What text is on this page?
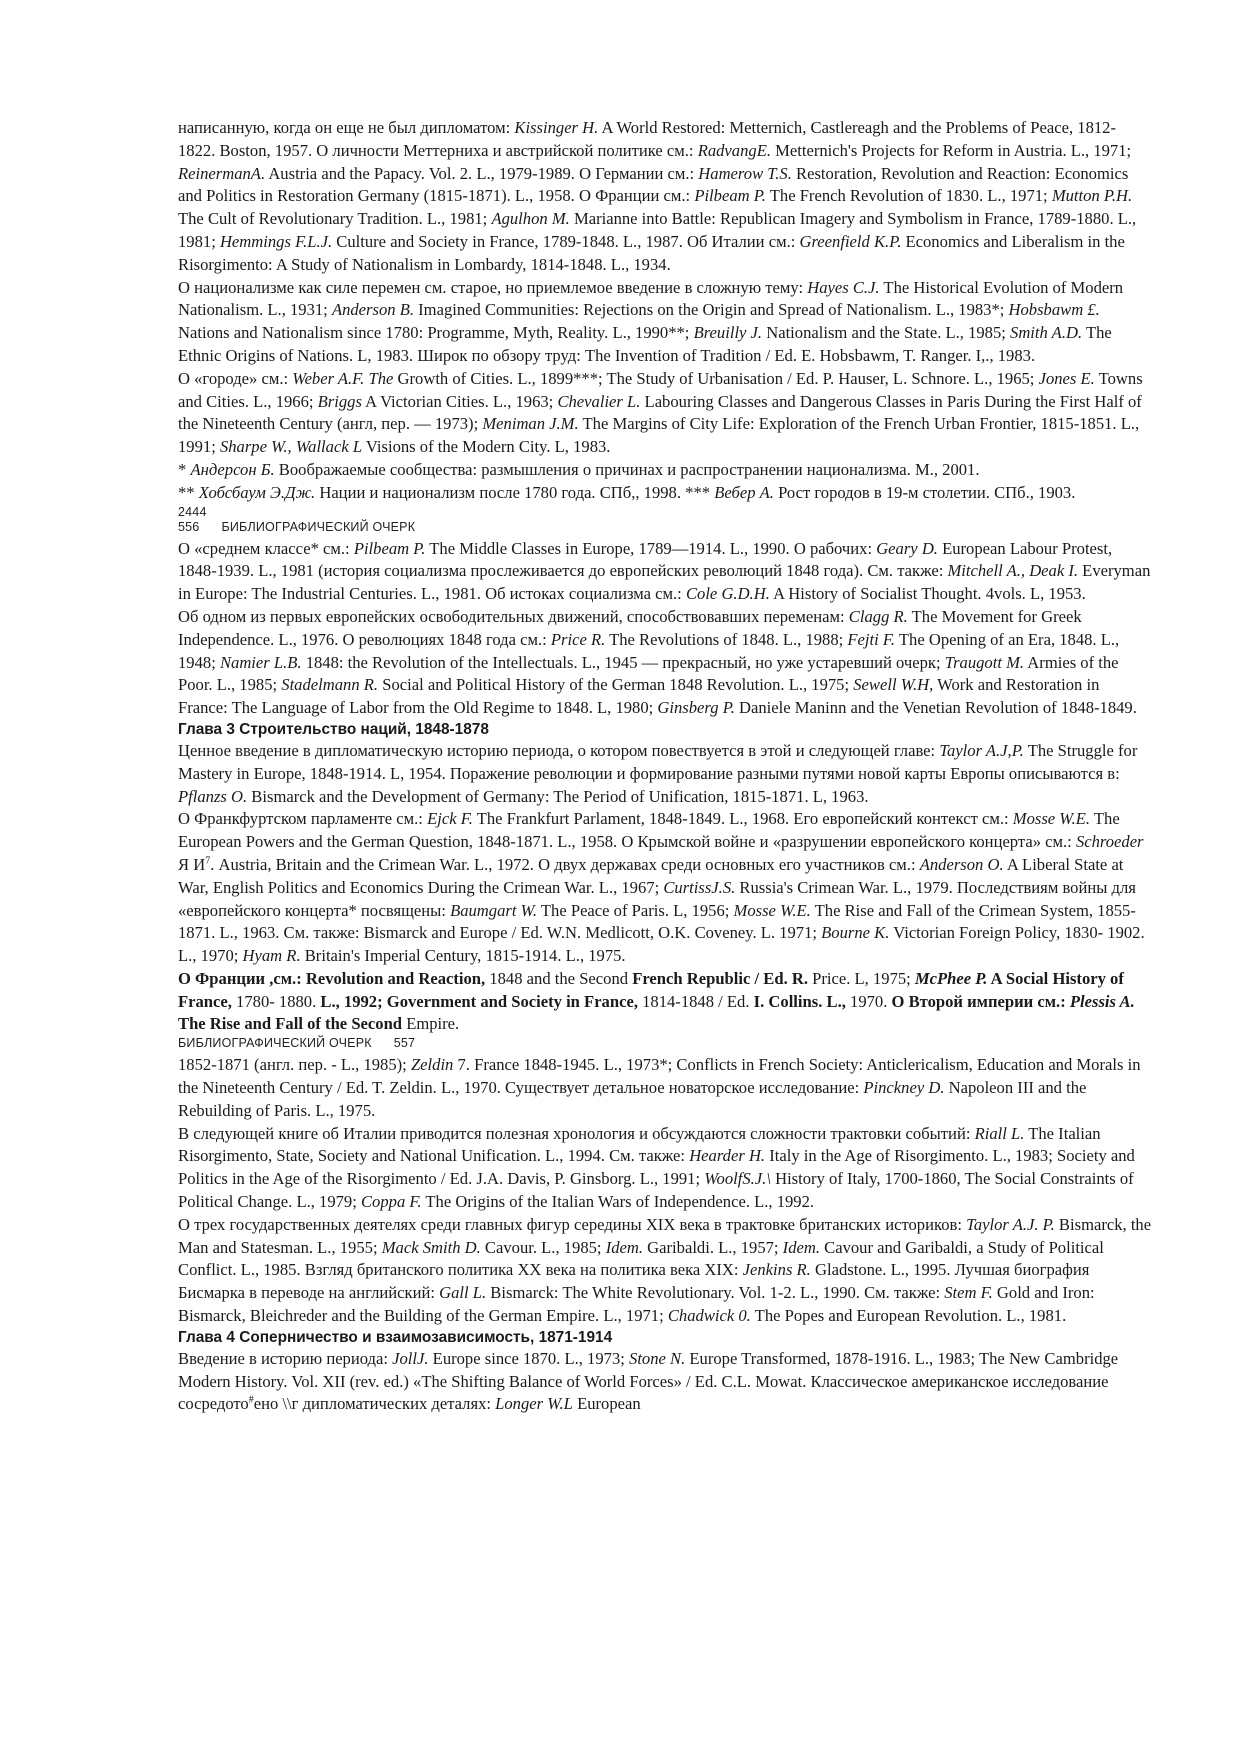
написанную, когда он еще не был дипломатом: Kissinger H. A World Restored: Metternich, Castlereagh and the Problems of Peace, 1812-1822. Boston, 1957. О личности Меттерниха и австрийской политике см.: RadvangE. Metternich's Projects for Reform in Austria. L., 1971; ReinermanA. Austria and the Papacy. Vol. 2. L., 1979-1989. О Германии см.: Hamerow T.S. Restoration, Revolution and Reaction: Economics and Politics in Restoration Germany (1815-1871). L., 1958. О Франции см.: Pilbeam P. The French Revolution of 1830. L., 1971; Mutton P.H. The Cult of Revolutionary Tradition. L., 1981; Agulhon M. Marianne into Battle: Republican Imagery and Symbolism in France, 1789-1880. L., 1981; Hemmings F.L.J. Culture and Society in France, 1789-1848. L., 1987. Об Италии см.: Greenfield K.P. Economics and Liberalism in the Risorgimento: A Study of Nationalism in Lombardy, 1814-1848. L., 1934.

О национализме как силе перемен см. старое, но приемлемое введение в сложную тему: Hayes C.J. The Historical Evolution of Modern Nationalism. L., 1931; Anderson B. Imagined Communities: Rejections on the Origin and Spread of Nationalism. L., 1983*; Hobsbawm £. Nations and Nationalism since 1780: Programme, Myth, Reality. L., 1990**; Breuilly J. Nationalism and the State. L., 1985; Smith A.D. The Ethnic Origins of Nations. L, 1983. Широк по обзору труд: The Invention of Tradition / Ed. E. Hobsbawm, T. Ranger. I,., 1983.

О «городе» см.: Weber A.F. The Growth of Cities. L., 1899***; The Study of Urbanisation / Ed. P. Hauser, L. Schnore. L., 1965; Jones E. Towns and Cities. L., 1966; Briggs A Victorian Cities. L., 1963; Chevalier L. Labouring Classes and Dangerous Classes in Paris During the First Half of the Nineteenth Century (англ, пер. — 1973); Meniman J.M. The Margins of City Life: Exploration of the French Urban Frontier, 1815-1851. L., 1991; Sharpe W., Wallack L Visions of the Modern City. L, 1983.

* Андерсон Б. Воображаемые сообщества: размышления о причинах и распространении национализма. М., 2001.

** Хобсбаум Э.Дж. Нации и национализм после 1780 года. СПб,, 1998. *** Вебер А. Рост городов в 19-м столетии. СПб., 1903.

2444
556 БИБЛИОГРАФИЧЕСКИЙ ОЧЕРК

О «среднем классе* см.: Pilbeam P. The Middle Classes in Europe, 1789—1914. L., 1990. О рабочих: Geary D. European Labour Protest, 1848-1939. L., 1981 (история социализма прослеживается до европейских революций 1848 года). См. также: Mitchell A., Deak I. Everyman in Europe: The Industrial Centuries. L., 1981. Об истоках социализма см.: Cole G.D.H. A History of Socialist Thought. 4vols. L, 1953.

Об одном из первых европейских освободительных движений, способствовавших переменам: Clagg R. The Movement for Greek Independence. L., 1976. О революциях 1848 года см.: Price R. The Revolutions of 1848. L., 1988; Fejti F. The Opening of an Era, 1848. L., 1948; Namier L.B. 1848: the Revolution of the Intellectuals. L., 1945 — прекрасный, но уже устаревший очерк; Traugott M. Armies of the Poor. L., 1985; Stadelmann R. Social and Political History of the German 1848 Revolution. L., 1975; Sewell W.H, Work and Restoration in France: The Language of Labor from the Old Regime to 1848. L, 1980; Ginsberg P. Daniele Maninn and the Venetian Revolution of 1848-1849.

Глава 3 Строительство наций, 1848-1878

Ценное введение в дипломатическую историю периода, о котором повествуется в этой и следующей главе: Taylor A.J,P. The Struggle for Mastery in Europe, 1848-1914. L, 1954. Поражение революции и формирование разными путями новой карты Европы описываются в: Pflanzs O. Bismarck and the Development of Germany: The Period of Unification, 1815-1871. L, 1963.

О Франкфуртском парламенте см.: Ejck F. The Frankfurt Parlament, 1848-1849. L., 1968. Его европейский контекст см.: Mosse W.E. The European Powers and the German Question, 1848-1871. L., 1958. О Крымской войне и «разрушении европейского концерта» см.: Schroeder Я $И^7$. Austria, Britain and the Crimean War. L., 1972. О двух державах среди основных его участников см.: Anderson O. A Liberal State at War, English Politics and Economics During the Crimean War. L., 1967; CurtissJ.S. Russia's Crimean War. L., 1979. Последствиям войны для «европейского концерта* посвящены: Baumgart W. The Peace of Paris. L, 1956; Mosse W.E. The Rise and Fall of the Crimean System, 1855-1871. L., 1963. См. также: Bismarck and Europe / Ed. W.N. Medlicott, O.K. Coveney. L. 1971; Bourne K. Victorian Foreign Policy, 1830- 1902. L., 1970; Hyam R. Britain's Imperial Century, 1815-1914. L., 1975.

О Франции ,см.: Revolution and Reaction, 1848 and the Second French Republic / Ed. R. Price. L, 1975; McPhee P. A Social History of France, 1780- 1880. L., 1992; Government and Society in France, 1814-1848 / Ed. I. Collins. L., 1970. О Второй империи см.: Plessis A. The Rise and Fall of the Second Empire.

БИБЛИОГРАФИЧЕСКИЙ ОЧЕРК 557

1852-1871 (англ. пер. - L., 1985); Zeldin 7. France 1848-1945. L., 1973*; Conflicts in French Society: Anticlericalism, Education and Morals in the Nineteenth Century / Ed. T. Zeldin. L., 1970. Существует детальное новаторское исследование: Pinckney D. Napoleon III and the Rebuilding of Paris. L., 1975.

В следующей книге об Италии приводится полезная хронология и обсуждаются сложности трактовки событий: Riall L. The Italian Risorgimento, State, Society and National Unification. L., 1994. См. также: Hearder H. Italy in the Age of Risorgimento. L., 1983; Society and Politics in the Age of the Risorgimento / Ed. J.A. Davis, P. Ginsborg. L., 1991; WoolfS.J.\ History of Italy, 1700-1860, The Social Constraints of Political Change. L., 1979; Coppa F. The Origins of the Italian Wars of Independence. L., 1992.

О трех государственных деятелях среди главных фигур середины XIX века в трактовке британских историков: Taylor A.J. P. Bismarck, the Man and Statesman. L., 1955; Mack Smith D. Cavour. L., 1985; Idem. Garibaldi. L., 1957; Idem. Cavour and Garibaldi, a Study of Political Conflict. L., 1985. Взгляд британского политика XX века на политика века XIX: Jenkins R. Gladstone. L., 1995. Лучшая биография Бисмарка в переводе на английский: Gall L. Bismarck: The White Revolutionary. Vol. 1-2. L., 1990. См. также: Stem F. Gold and Iron: Bismarck, Bleichreder and the Building of the German Empire. L., 1971; Chadwick 0. The Popes and European Revolution. L., 1981.

Глава 4 Соперничество и взаимозависимость, 1871-1914

Введение в историю периода: JollJ. Europe since 1870. L., 1973; Stone N. Europe Transformed, 1878-1916. L., 1983; The New Cambridge Modern History. Vol. XII (rev. ed.) «The Shifting Balance of World Forces» / Ed. C.L. Mowat. Классическое американское исследование сосредото#ено \\г дипломатических деталях: Longer W.L European
